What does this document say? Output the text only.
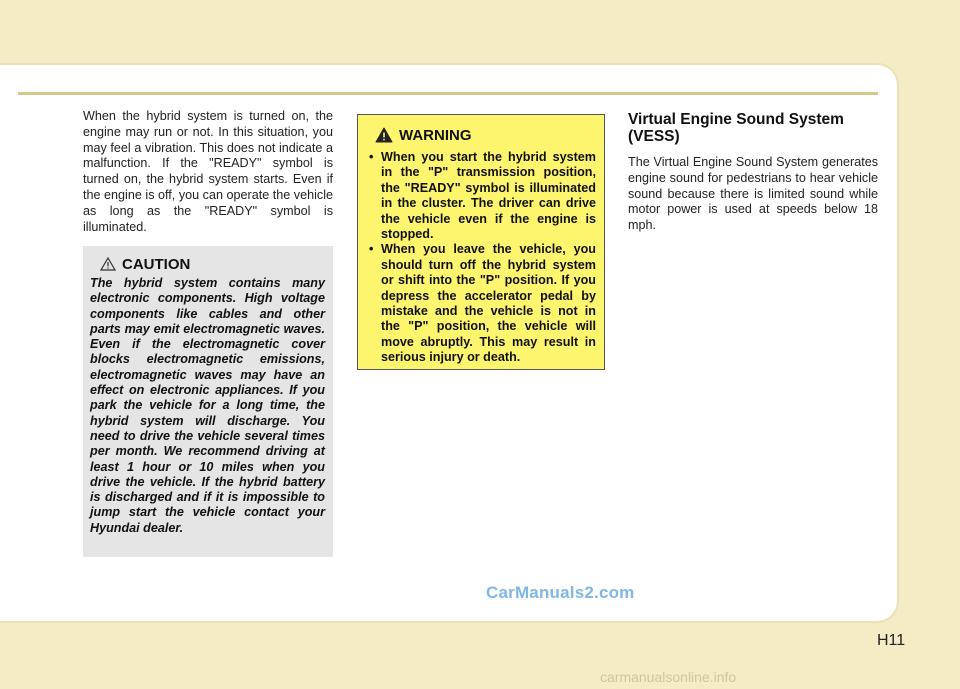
When the hybrid system is turned on, the engine may run or not. In this situation, you may feel a vibration. This does not indicate a malfunction. If the "READY" symbol is turned on, the hybrid system starts. Even if the engine is off, you can operate the vehicle as long as the "READY" symbol is illuminated.
CAUTION
The hybrid system contains many electronic components. High voltage components like cables and other parts may emit electromagnetic waves. Even if the electromagnetic cover blocks electromagnetic emissions, electromagnetic waves may have an effect on electronic appliances. If you park the vehicle for a long time, the hybrid system will discharge. You need to drive the vehicle several times per month. We recommend driving at least 1 hour or 10 miles when you drive the vehicle. If the hybrid battery is discharged and if it is impossible to jump start the vehicle contact your Hyundai dealer.
WARNING
• When you start the hybrid system in the "P" transmission position, the "READY" symbol is illuminated in the cluster. The driver can drive the vehicle even if the engine is stopped.
• When you leave the vehicle, you should turn off the hybrid system or shift into the "P" position. If you depress the accelerator pedal by mistake and the vehicle is not in the "P" position, the vehicle will move abruptly. This may result in serious injury or death.
Virtual Engine Sound System (VESS)
The Virtual Engine Sound System generates engine sound for pedestrians to hear vehicle sound because there is limited sound while motor power is used at speeds below 18 mph.
CarManuals2.com
H11
carmanualsonline.info
